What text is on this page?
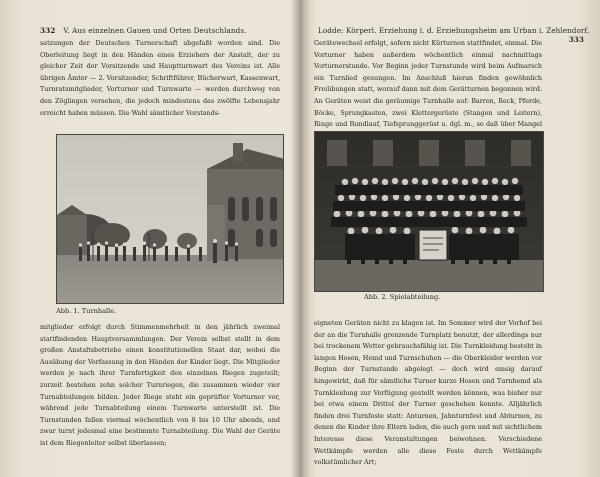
332 V. Aus einzelnen Gauen und Orten Deutschlands.
satzungen der Deutschen Turnerschaft abgefaßt worden sind. Die Oberleitung liegt in den Händen eines Erziehers der Anstalt, der zu gleicher Zeit der Vorsitzende und Hauptturnwart des Vereins ist. Alle übrigen Ämter — 2. Vorsitzender, Schriftführer, Bücherwart, Kassenwart, Turnratsmitglieder, Vorturner und Turnwarte — werden durchweg von den Zöglingen versehen, die jedoch mindestens das zwölfte Lebensjahr erreicht haben müssen. Die Wahl sämtlicher Vorstands-
Abb. 1. Turnhalle.
mitglieder erfolgt durch Stimmenmehrheit in den jährlich zweimal stattfindenden Hauptversammlungen. Der Verein selbst stellt in dem großen Anstaltsbetriebe einen konstitutionellen Staat dar, wobei die Ausübung der Verfassung in den Händen der Kinder liegt. Die Mitglieder werden je nach ihrer Turnfertigkeit den einzelnen Riegen zugeteilt; zurzeit bestehen zehn solcher Turnriegen, die zusammen wieder vier Turnabteilungen bilden. Jeder Riege steht ein geprüfter Vorturner vor, während jede Turnabteilung einem Turnwarte unterstellt ist. Die Turnstunden fallen viermal wöchentlich von 8 bis 10 Uhr abends, und zwar turnt jedesmal eine bestimmte Turnabteilung. Die Wahl der Geräte ist dem Riegenleiter selbst überlassen;
Lodde: Körperl. Erziehung i. d. Erziehungsheim am Urban i. Zehlendorf.
333
Gerätewechsel erfolgt, sofern nicht Kürturnen stattfindet, einmal. Die Vorturner haben außerdem wöchentlich einmal nachmittags Vorturnerstunde. Vor Beginn jeder Turnstunde wird beim Aufmarsch ein Turnlied gesungen. Im Anschluß hieran finden gewöhnlich Freiübungen statt, worauf dann mit dem Gerätturnen begonnen wird. An Geräten weist die geräumige Turnhalle auf: Barren, Reck, Pferde, Böcke, Sprungkasten, zwei Klettergerüste (Stangen und Leitern), Ringe und Rundlauf, Tiefsprunggerüst u. dgl. m., so daß über Mangel
Abb. 2. Spielabteilung.
eigneten Geräten nicht zu klagen ist. Im Sommer wird der Vorhof bei der an die Turnhalle grenzende Turnplatz benutzt, der allerdings nur bei trockenem Wetter gebrauchsfähig ist. Die Turnkleidung besteht in langen Hosen, Hemd und Turnschuhen — die Oberkleider werden vor Beginn der Turnstunde abgelegt — doch wird emsig darauf hingewirkt, daß für sämtliche Turner kurze Hosen und Turnhemd als Turnkleidung zur Verfügung gestellt werden können, was bisher nur bei etwa einem Drittel der Turner geschehen konnte. Alljährlich finden drei Turnfeste statt: Anturnen, Jahnturnfest und Abturnen, zu denen die Kinder ihre Eltern laden, die auch gern und mit sichtlichem Interesse diese Veranstaltungen beiwohnen. Verschiedene Wettkämpfe werden alle diese Feste durch Wettkämpfe volkstümlicher Art;
